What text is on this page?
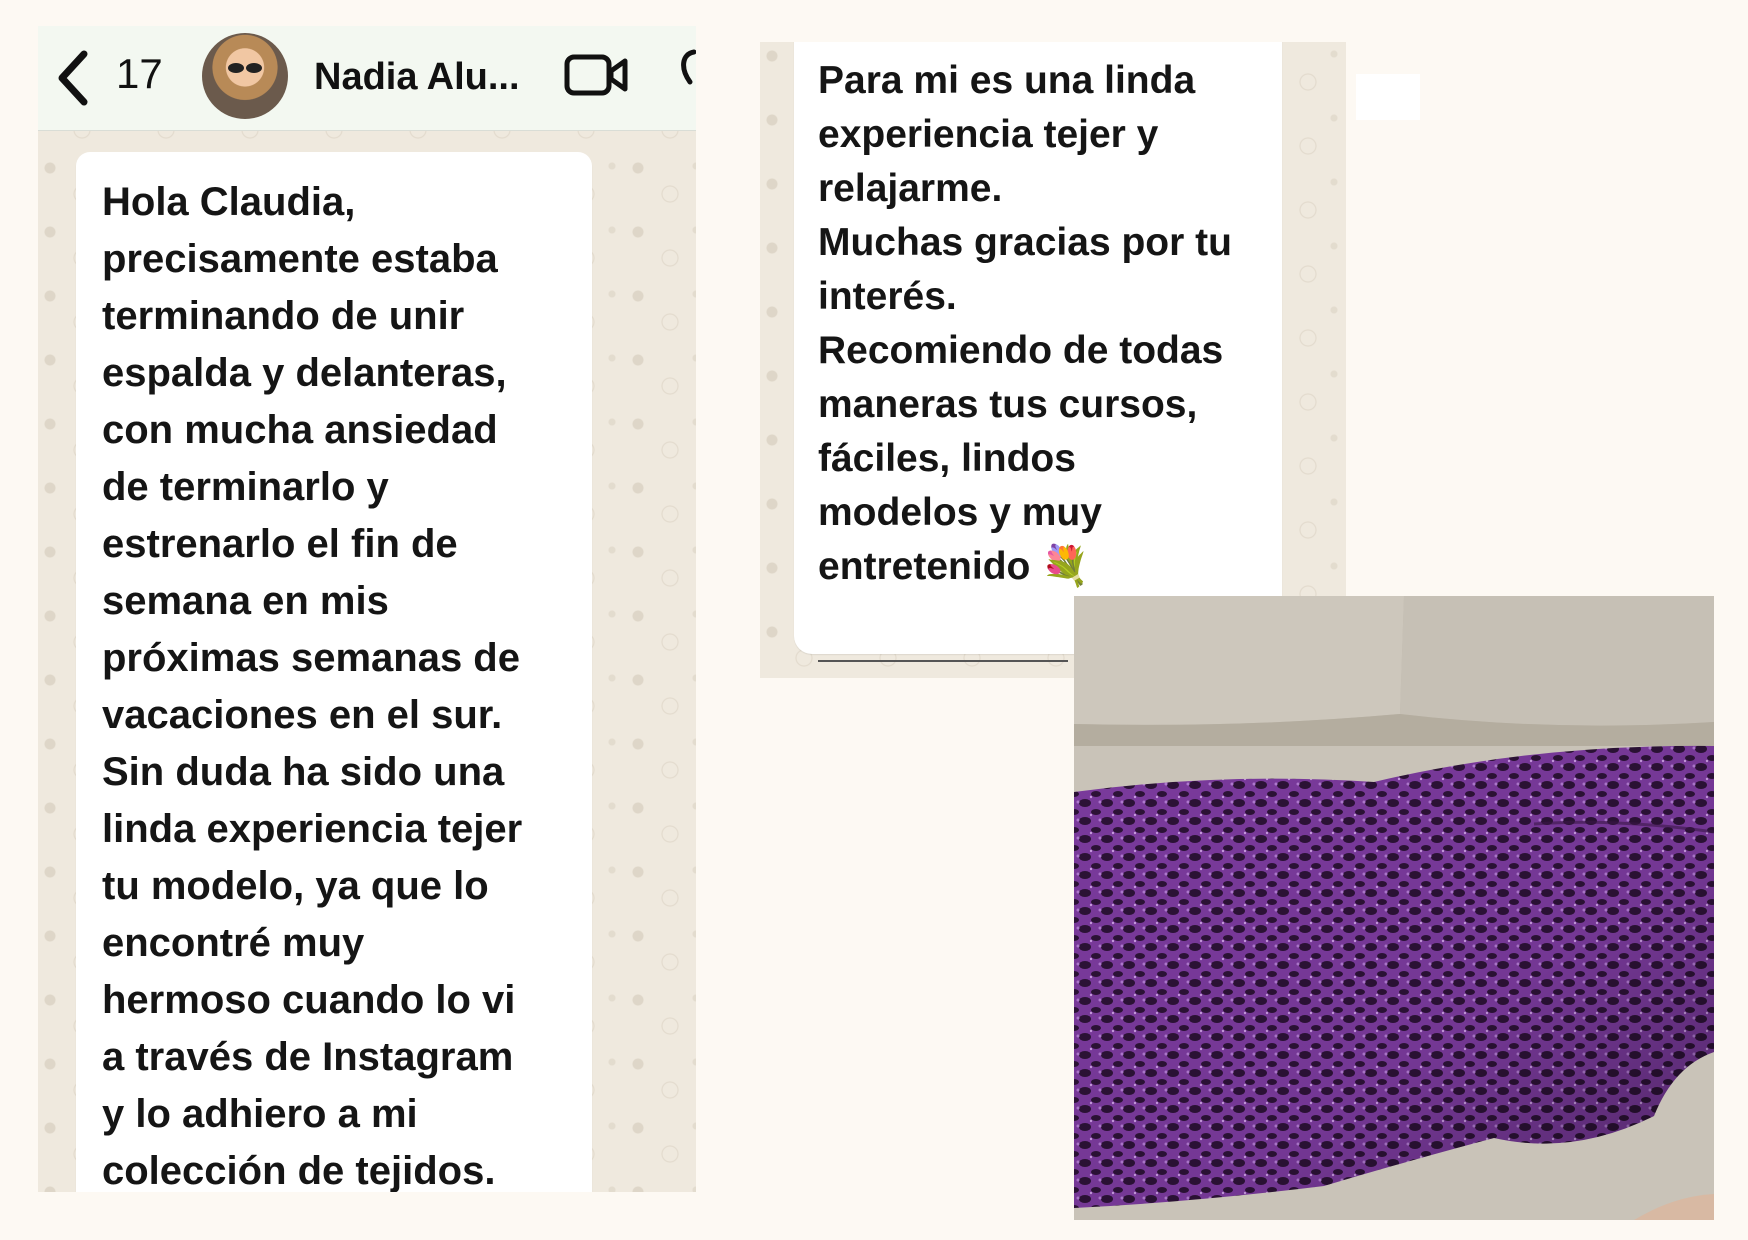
17	Nadia Alu...
Hola Claudia,
precisamente estaba
terminando de unir
espalda y delanteras,
con mucha ansiedad
de terminarlo y
estrenarlo el fin de
semana en mis
próximas semanas de
vacaciones en el sur.
Sin duda ha sido una
linda experiencia tejer
tu modelo, ya que lo
encontré muy
hermoso cuando lo vi
a través de Instagram
y lo adhiero a mi
colección de tejidos.
Para mi es una linda
experiencia tejer y
relajarme.
Muchas gracias por tu
interés.
Recomiendo de todas
maneras tus cursos,
fáciles, lindos
modelos y muy
entretenido 💐
